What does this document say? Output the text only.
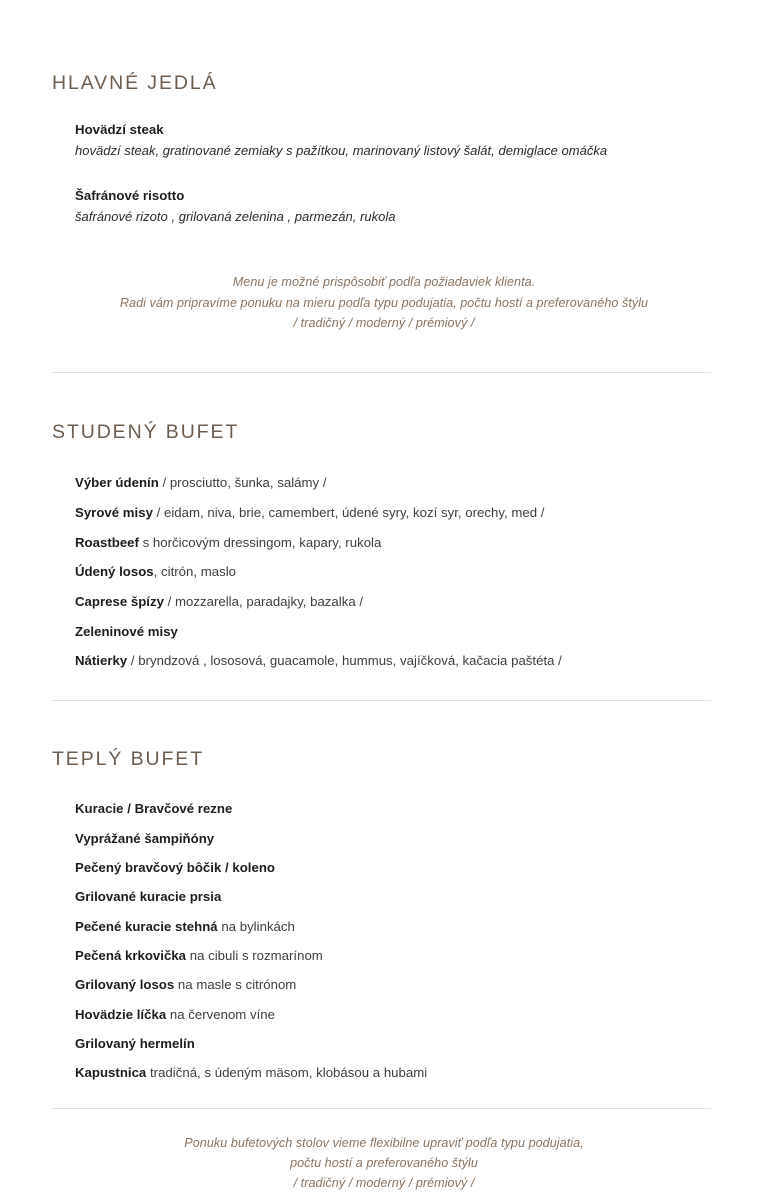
HLAVNÉ JEDLÁ
Hovädzí steak
hovädzí steak, gratinované zemiaky s pažítkou, marinovaný listový šalát, demiglace omáčka
Šafránové risotto
šafránové rizoto , grilovaná zelenina , parmezán, rukola

Menu je možné prispôsobiť podľa požiadaviek klienta.
Radi vám pripravíme ponuku na mieru podľa typu podujatia, počtu hostí a preferovaného štýlu
/ tradičný / moderný / prémiový /

STUDENÝ BUFET
Výber údenín / prosciutto, šunka, salámy /
Syrové misy / eidam, niva, brie, camembert, údené syry, kozí syr, orechy, med /
Roastbeef s horčicovým dressingom, kapary, rukola
Údený losos, citrón, maslo
Caprese špízy / mozzarella, paradajky, bazalka /
Zeleninové misy
Nátierky / bryndzová , lososová, guacamole, hummus, vajíčková, kačacia paštéta /
TEPLÝ BUFET
Kuracie / Bravčové rezne
Vyprážané šampiňóny
Pečený bravčový bôčik / koleno
Grilované kuracie prsia
Pečené kuracie stehná na bylinkách
Pečená krkovička na cibuli s rozmarínom
Grilovaný losos na masle s citrónom
Hovädzie líčka na červenom víne
Grilovaný hermelín
Kapustnica tradičná, s údeným mäsom, klobásou a hubami

Ponuku bufetových stolov vieme flexibilne upraviť podľa typu podujatia,
počtu hostí a preferovaného štýlu
/ tradičný / moderný / prémiový /
